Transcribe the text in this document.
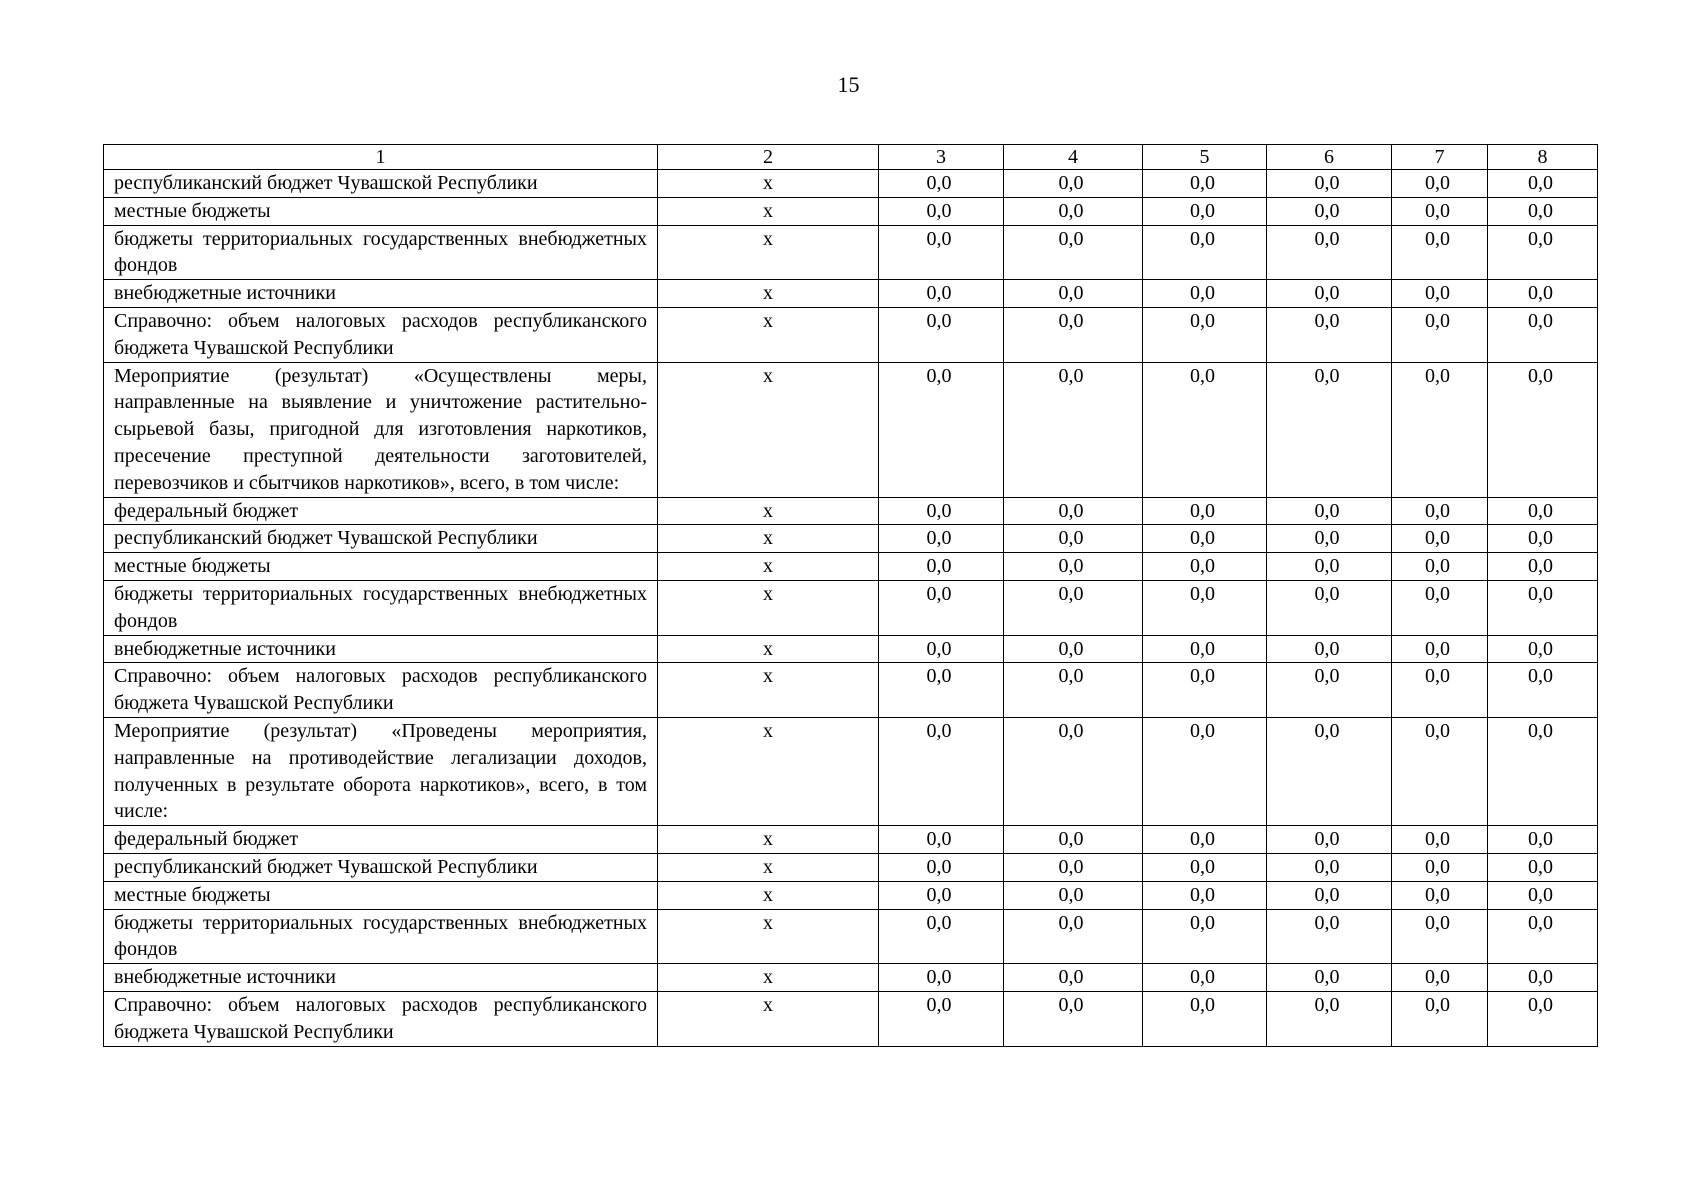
15
1	2	3	4	5	6	7	8
республиканский бюджет Чувашской Республики	х	0,0	0,0	0,0	0,0	0,0	0,0
местные бюджеты	х	0,0	0,0	0,0	0,0	0,0	0,0
бюджеты территориальных государственных внебюджетных фондов	х	0,0	0,0	0,0	0,0	0,0	0,0
внебюджетные источники	х	0,0	0,0	0,0	0,0	0,0	0,0
Справочно: объем налоговых расходов республиканского бюджета Чувашской Республики	х	0,0	0,0	0,0	0,0	0,0	0,0
Мероприятие (результат) «Осуществлены меры, направленные на выявление и уничтожение растительно-сырьевой базы, пригодной для изготовления наркотиков, пресечение преступной деятельности заготовителей, перевозчиков и сбытчиков наркотиков», всего, в том числе:	х	0,0	0,0	0,0	0,0	0,0	0,0
федеральный бюджет	х	0,0	0,0	0,0	0,0	0,0	0,0
республиканский бюджет Чувашской Республики	х	0,0	0,0	0,0	0,0	0,0	0,0
местные бюджеты	х	0,0	0,0	0,0	0,0	0,0	0,0
бюджеты территориальных государственных внебюджетных фондов	х	0,0	0,0	0,0	0,0	0,0	0,0
внебюджетные источники	х	0,0	0,0	0,0	0,0	0,0	0,0
Справочно: объем налоговых расходов республиканского бюджета Чувашской Республики	х	0,0	0,0	0,0	0,0	0,0	0,0
Мероприятие (результат) «Проведены мероприятия, направленные на противодействие легализации доходов, полученных в результате оборота наркотиков», всего, в том числе:	х	0,0	0,0	0,0	0,0	0,0	0,0
федеральный бюджет	х	0,0	0,0	0,0	0,0	0,0	0,0
республиканский бюджет Чувашской Республики	х	0,0	0,0	0,0	0,0	0,0	0,0
местные бюджеты	х	0,0	0,0	0,0	0,0	0,0	0,0
бюджеты территориальных государственных внебюджетных фондов	х	0,0	0,0	0,0	0,0	0,0	0,0
внебюджетные источники	х	0,0	0,0	0,0	0,0	0,0	0,0
Справочно: объем налоговых расходов республиканского бюджета Чувашской Республики	х	0,0	0,0	0,0	0,0	0,0	0,0
